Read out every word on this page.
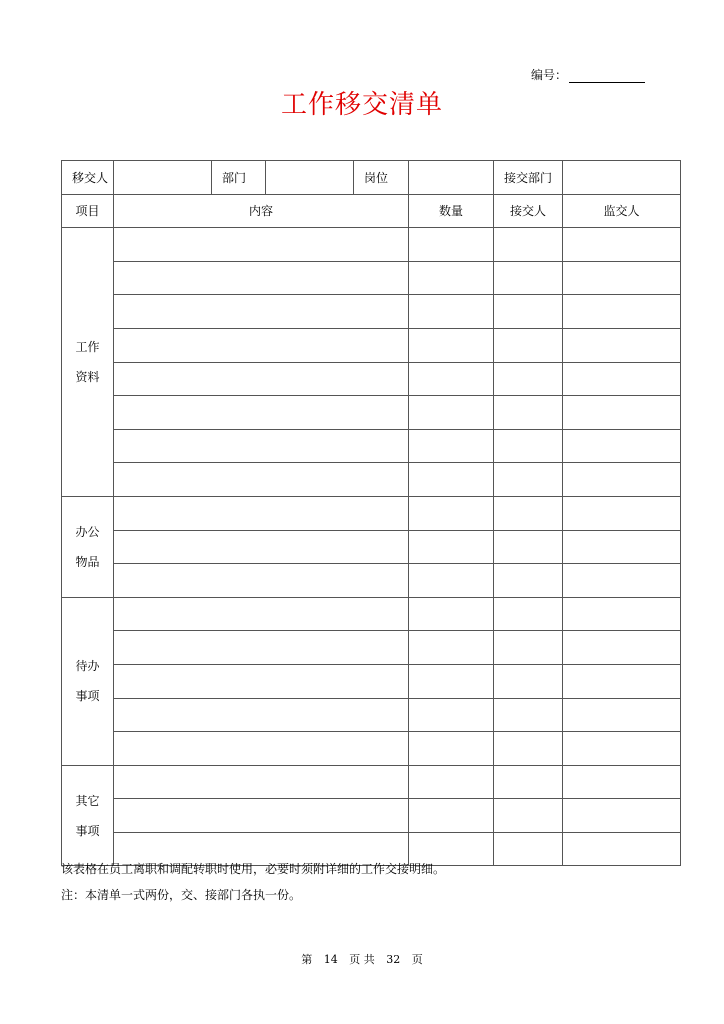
编号：
工作移交清单
移交人		部门		岗位		接交部门	
项目	内容				数量	接交人	监交人

工作
资料							

办公
物品							

待办
事项							

其它
事项							

该表格在员工离职和调配转职时使用，必要时须附详细的工作交接明细。
注：本清单一式两份，交、接部门各执一份。
第 14 页 共 32 页
